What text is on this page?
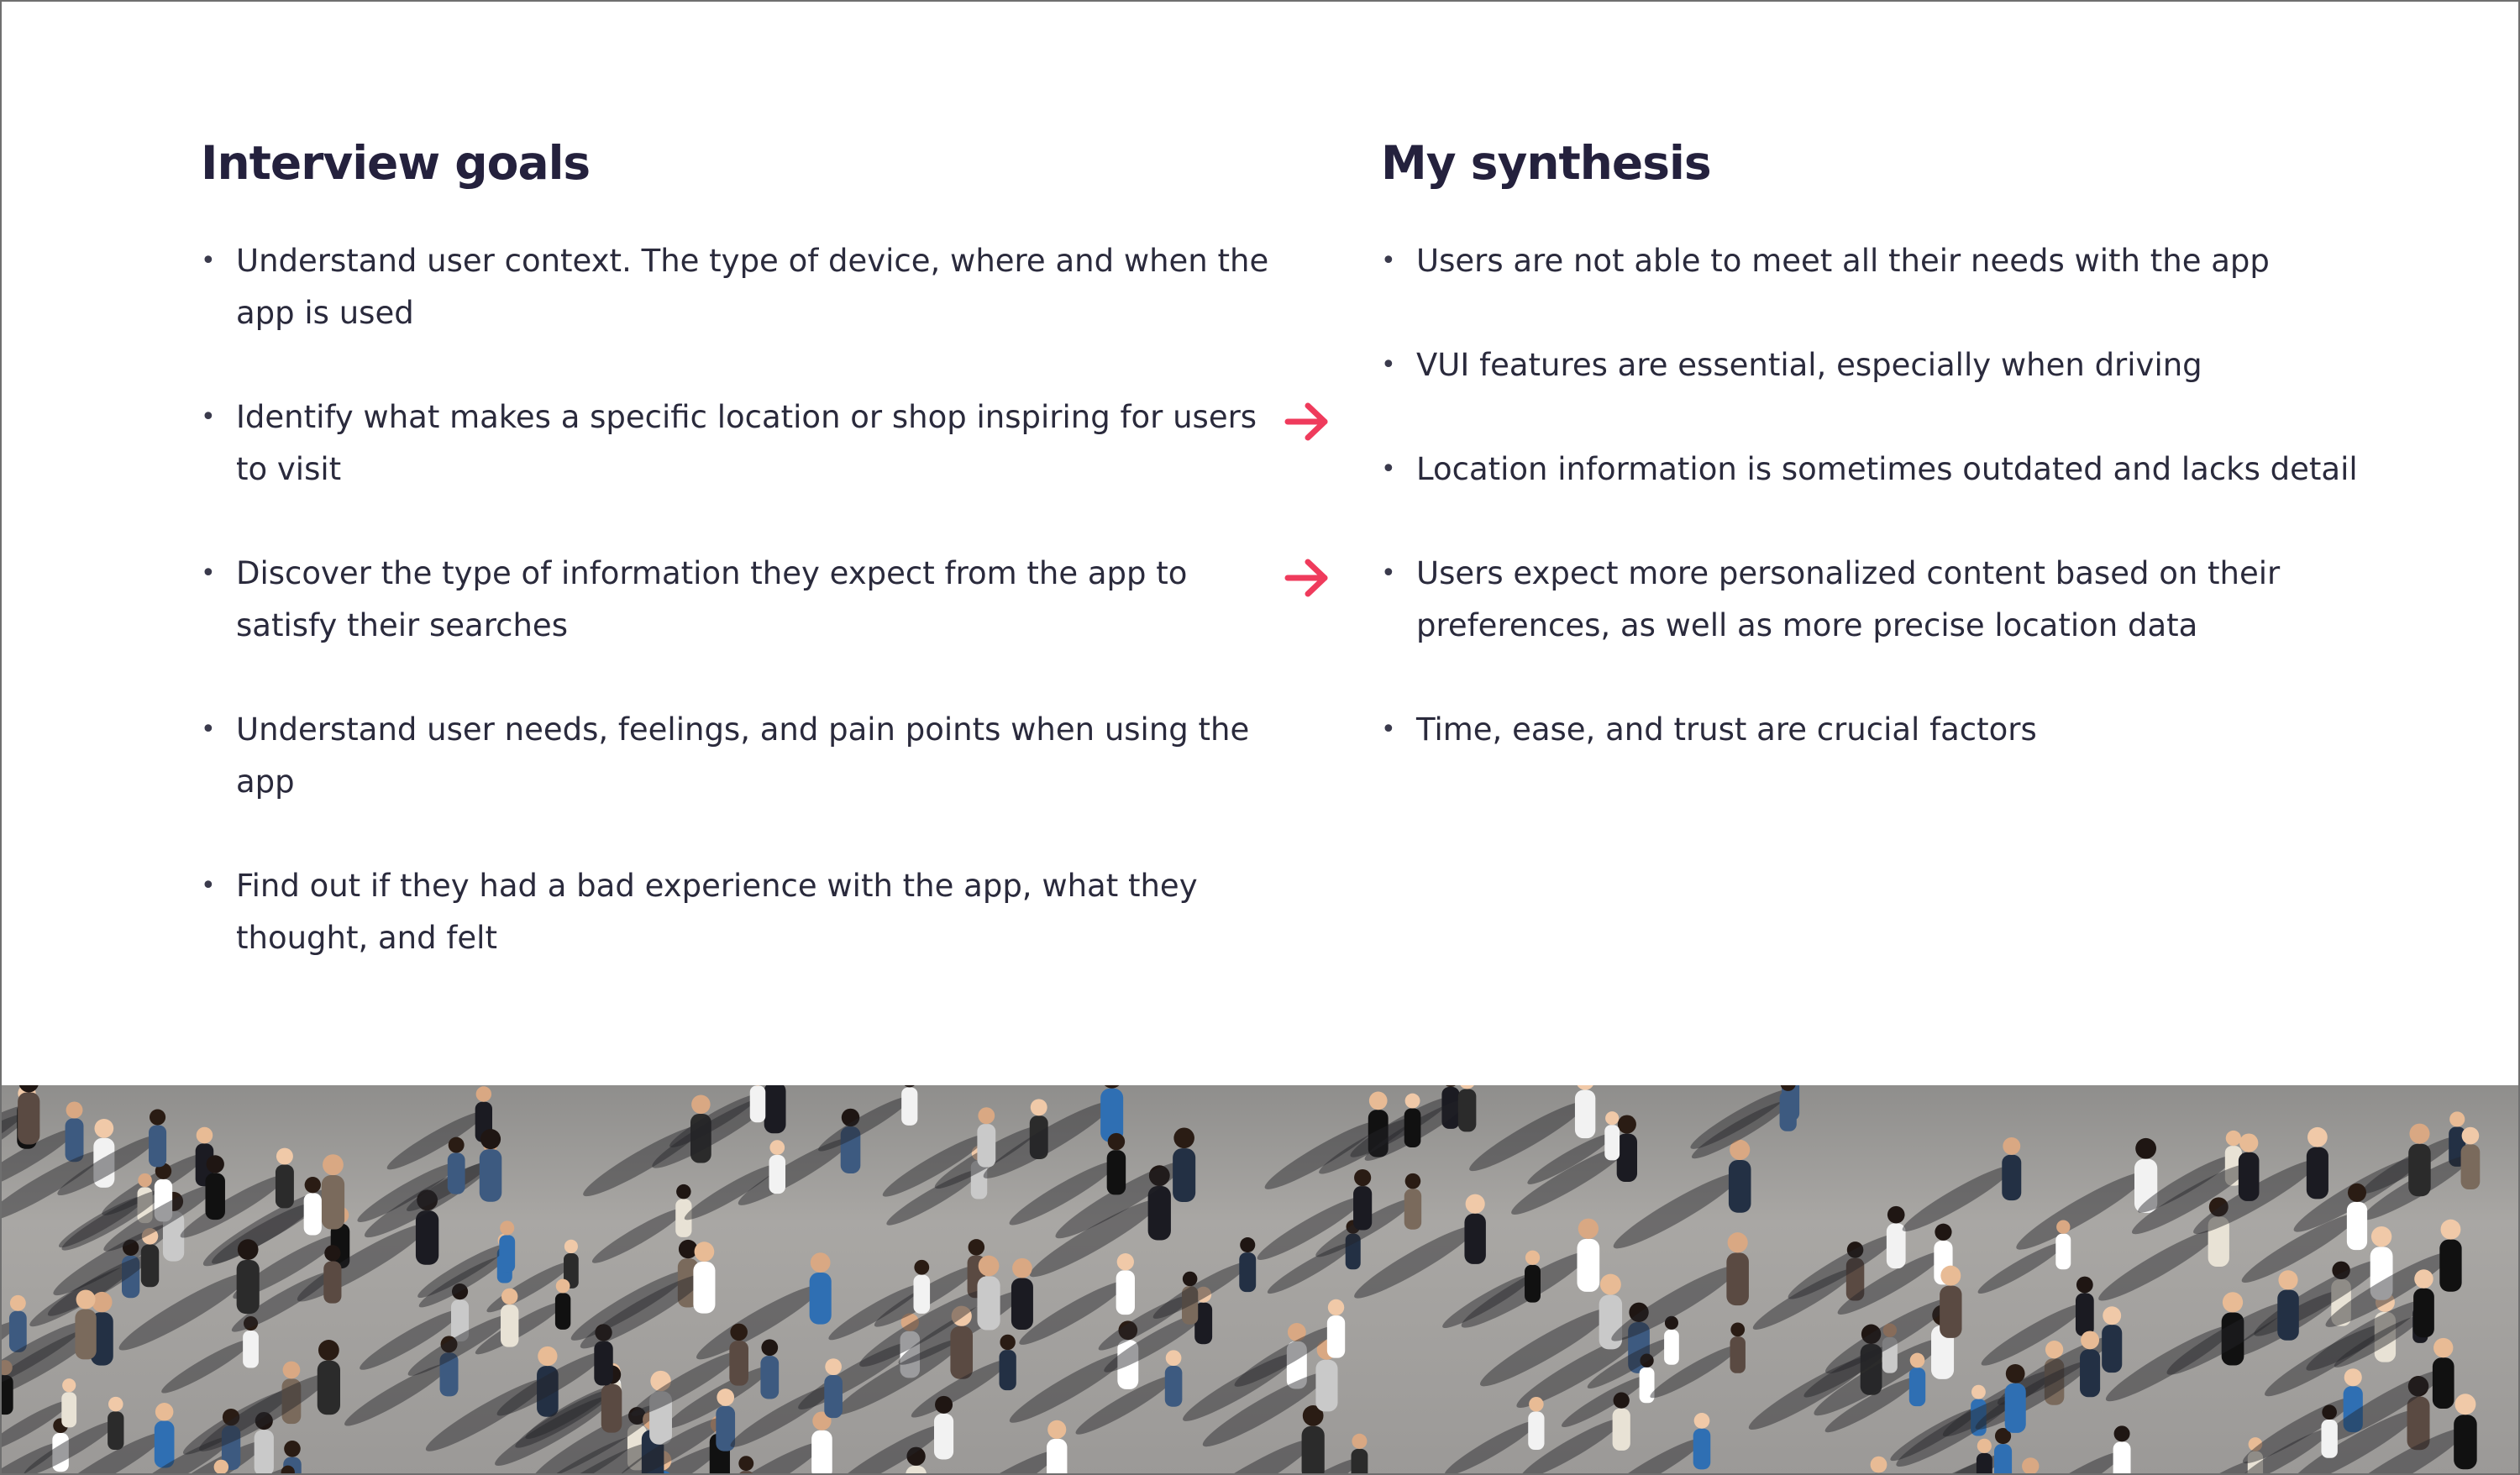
Interview goals
• Understand user context. The type of device, where and when the
app is used
• Identify what makes a specific location or shop inspiring for users
to visit
• Discover the type of information they expect from the app to
satisfy their searches
• Understand user needs, feelings, and pain points when using the
app
• Find out if they had a bad experience with the app, what they
thought, and felt
My synthesis
• Users are not able to meet all their needs with the app
• VUI features are essential, especially when driving
• Location information is sometimes outdated and lacks detail
• Users expect more personalized content based on their
preferences, as well as more precise location data
• Time, ease, and trust are crucial factors
